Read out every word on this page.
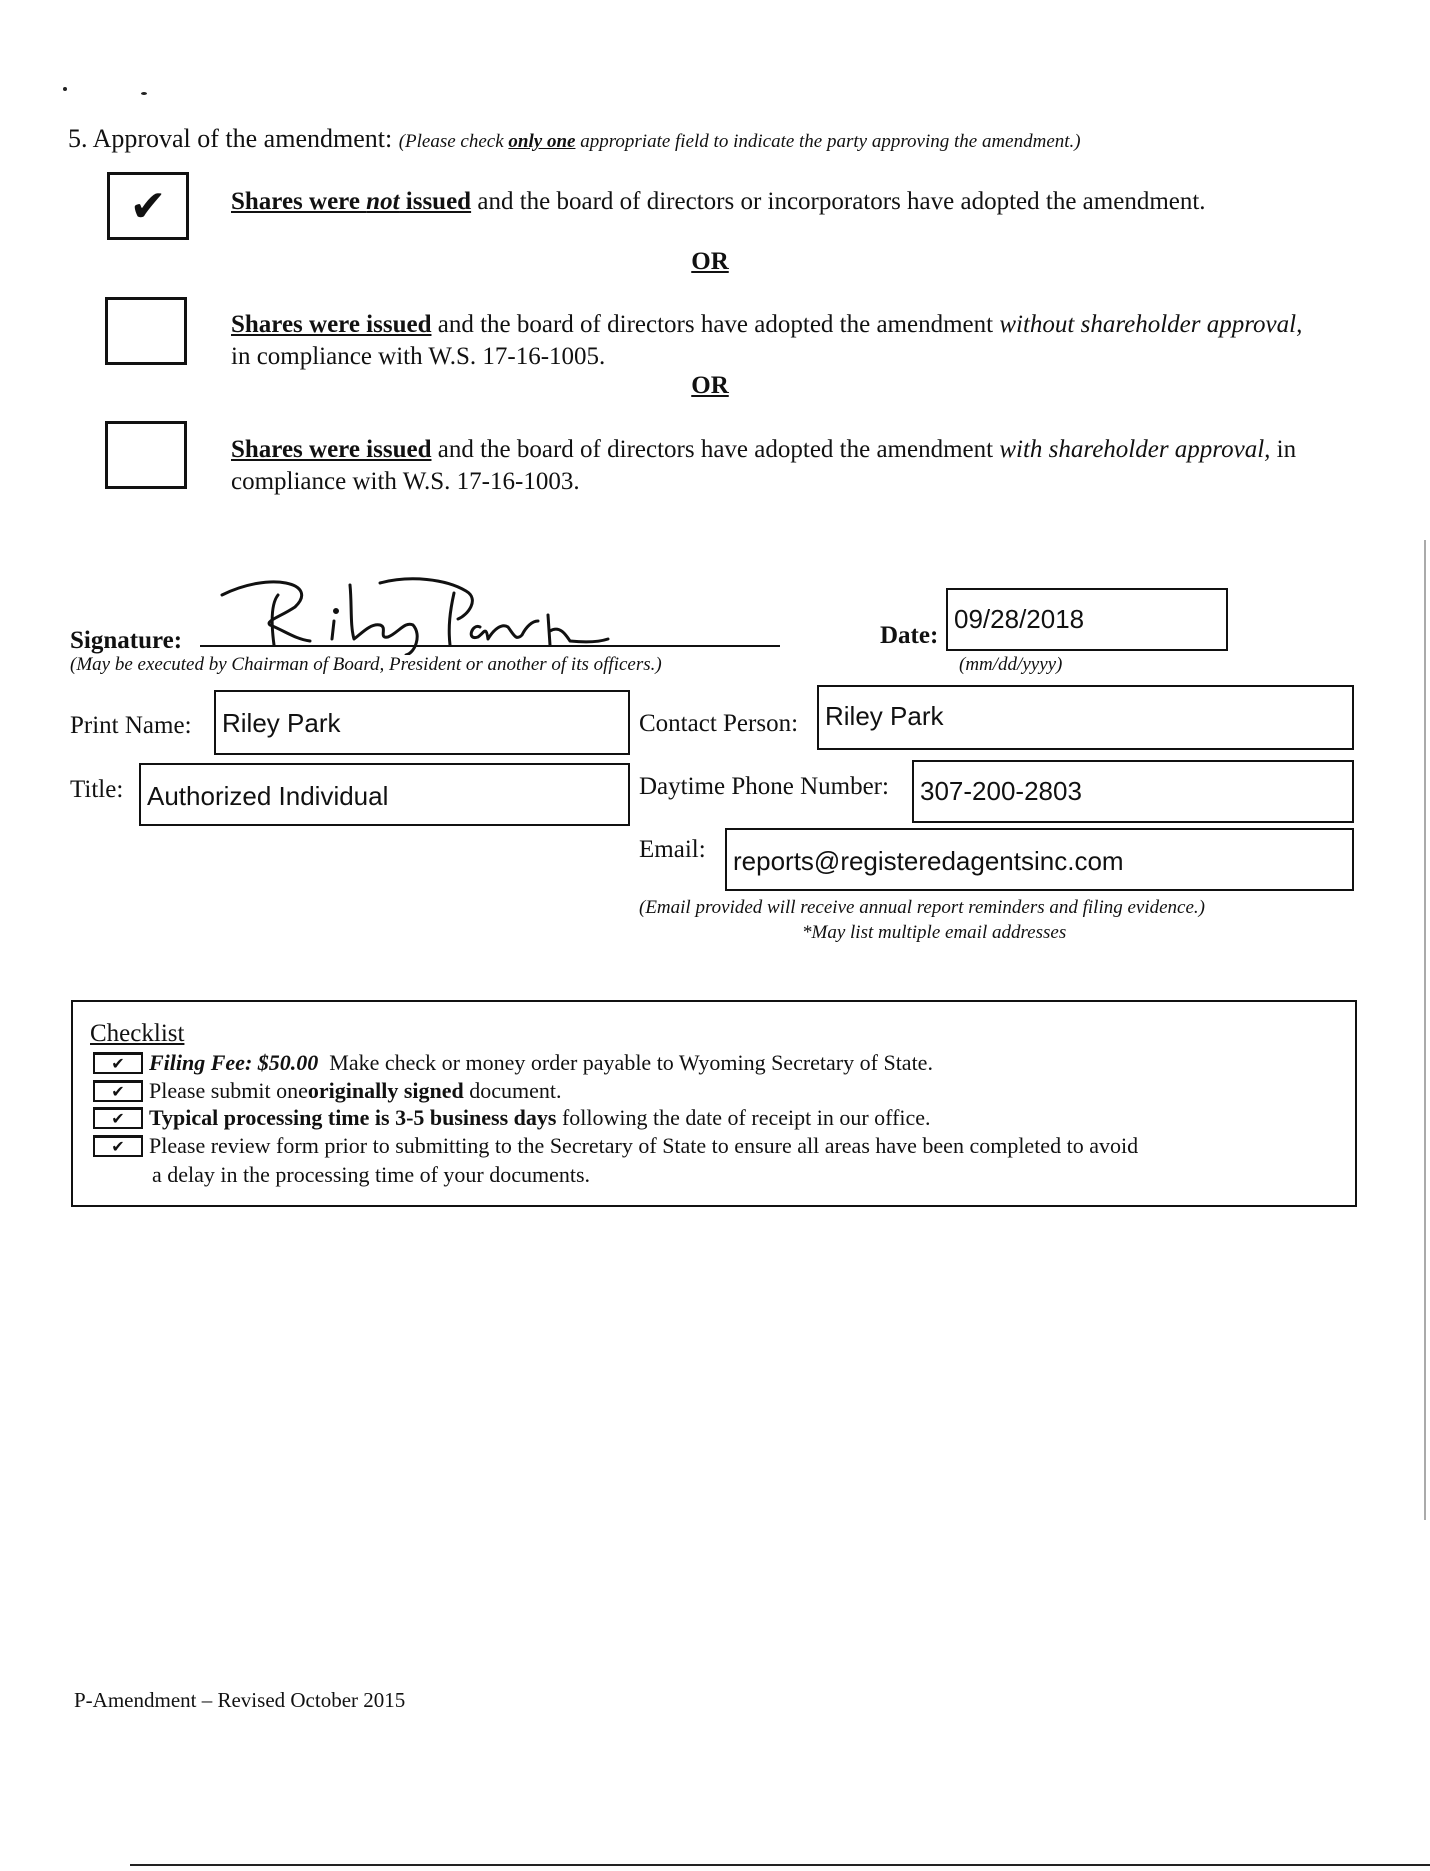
5. Approval of the amendment: (Please check only one appropriate field to indicate the party approving the amendment.)
✔	Shares were not issued and the board of directors or incorporators have adopted the amendment.
OR
Shares were issued and the board of directors have adopted the amendment without shareholder approval, in compliance with W.S. 17-16-1005.
OR
Shares were issued and the board of directors have adopted the amendment with shareholder approval, in compliance with W.S. 17-16-1003.
Signature:
(May be executed by Chairman of Board, President or another of its officers.)
Date:
09/28/2018
(mm/dd/yyyy)
Print Name:	Riley Park
Title: Authorized Individual
Contact Person:	Riley Park
Daytime Phone Number:	307-200-2803
Email:	reports@registeredagentsinc.com
(Email provided will receive annual report reminders and filing evidence.)
*May list multiple email addresses
Checklist
✔ Filing Fee: $50.00 Make check or money order payable to Wyoming Secretary of State.
✔ Please submit one originally signed document.
✔ Typical processing time is 3-5 business days following the date of receipt in our office.
✔ Please review form prior to submitting to the Secretary of State to ensure all areas have been completed to avoid
a delay in the processing time of your documents.
P-Amendment – Revised October 2015
